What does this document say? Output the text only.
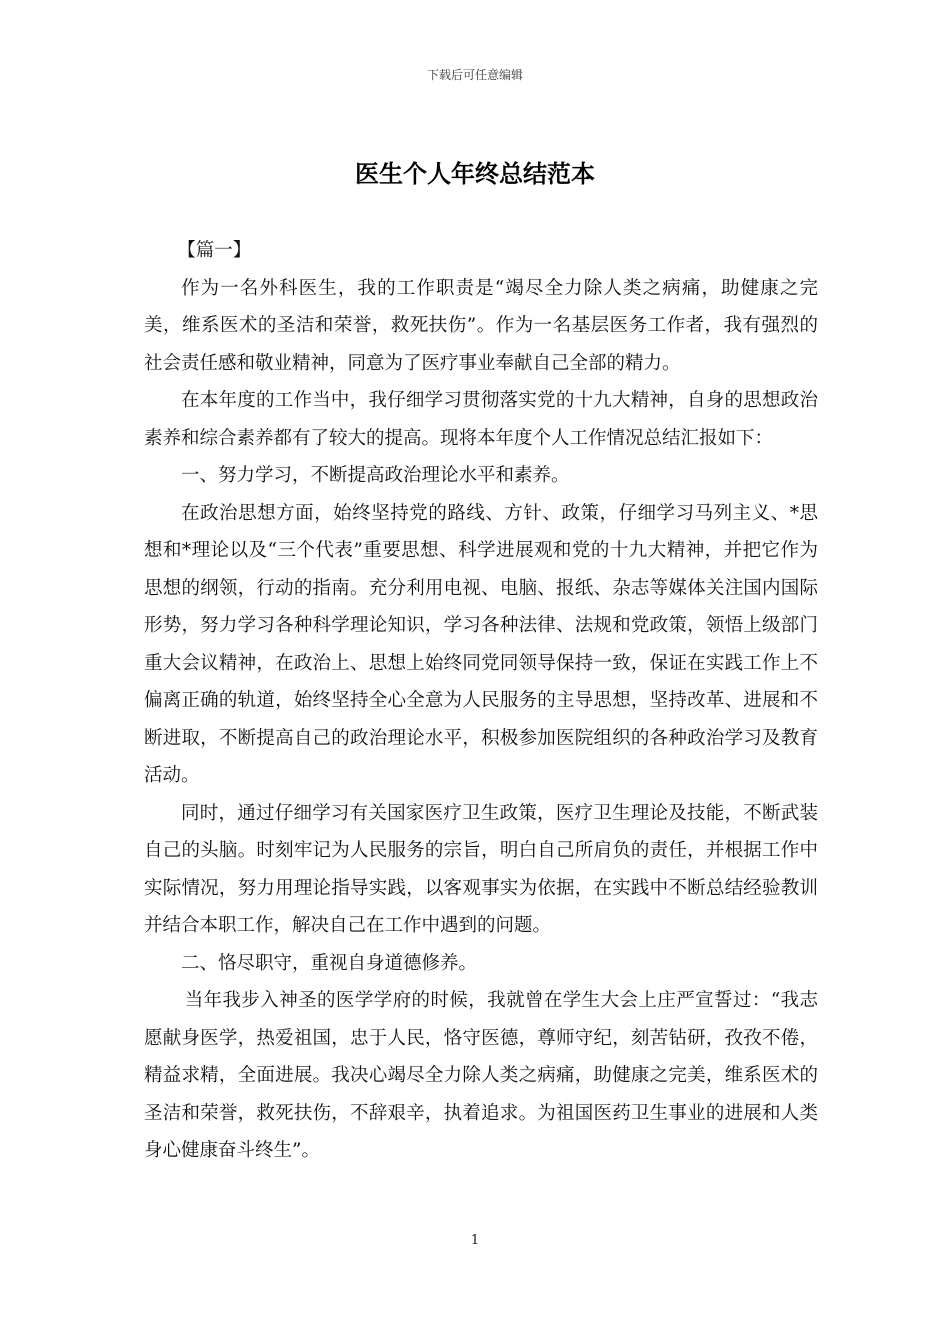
下载后可任意编辑
医生个人年终总结范本

【篇一】

作为一名外科医生，我的工作职责是“竭尽全力除人类之病痛，助健康之完美，维系医术的圣洁和荣誉，救死扶伤”。作为一名基层医务工作者，我有强烈的社会责任感和敬业精神，同意为了医疗事业奉献自己全部的精力。

在本年度的工作当中，我仔细学习贯彻落实党的十九大精神，自身的思想政治素养和综合素养都有了较大的提高。现将本年度个人工作情况总结汇报如下：

一、努力学习，不断提高政治理论水平和素养。

在政治思想方面，始终坚持党的路线、方针、政策，仔细学习马列主义、*思想和*理论以及“三个代表”重要思想、科学进展观和党的十九大精神，并把它作为思想的纲领，行动的指南。充分利用电视、电脑、报纸、杂志等媒体关注国内国际形势，努力学习各种科学理论知识，学习各种法律、法规和党政策，领悟上级部门重大会议精神，在政治上、思想上始终同党同领导保持一致，保证在实践工作上不偏离正确的轨道，始终坚持全心全意为人民服务的主导思想，坚持改革、进展和不断进取，不断提高自己的政治理论水平，积极参加医院组织的各种政治学习及教育活动。

同时，通过仔细学习有关国家医疗卫生政策，医疗卫生理论及技能，不断武装自己的头脑。时刻牢记为人民服务的宗旨，明白自己所肩负的责任，并根据工作中实际情况，努力用理论指导实践，以客观事实为依据，在实践中不断总结经验教训并结合本职工作，解决自己在工作中遇到的问题。

二、恪尽职守，重视自身道德修养。

当年我步入神圣的医学学府的时候，我就曾在学生大会上庄严宣誓过：“我志愿献身医学，热爱祖国，忠于人民，恪守医德，尊师守纪，刻苦钻研，孜孜不倦，精益求精，全面进展。我决心竭尽全力除人类之病痛，助健康之完美，维系医术的圣洁和荣誉，救死扶伤，不辞艰辛，执着追求。为祖国医药卫生事业的进展和人类身心健康奋斗终生”。

1
